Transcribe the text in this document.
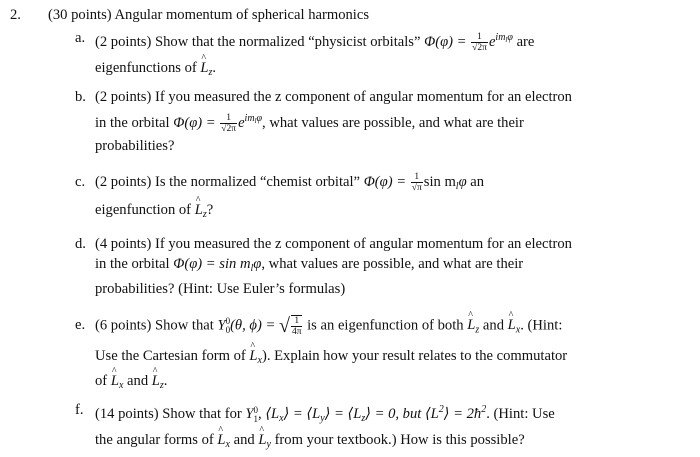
2. (30 points) Angular momentum of spherical harmonics
a. (2 points) Show that the normalized “physicist orbitals” $\Phi(\varphi) = \frac{1}{√2\pi} e^{im_l\varphi}$ are
eigenfunctions of L $\^{}_z$.
b. (2 points) If you measured the z component of angular momentum for an electron
in the orbital $\Phi(\varphi) = \frac{1}{√2\pi} e^{im_l\varphi}$, what values are possible, and what are their
probabilities?
c. (2 points) Is the normalized “chemist orbital” $\Phi(\varphi) = \frac{1}{√\pi}$ $\sin m_l\varphi$ an
eigenfunction of L $\^{}_z$?
d. (4 points) If you measured the z component of angular momentum for an electron
in the orbital $\Phi(\varphi) = \sin m_l\varphi$, what values are possible, and what are their
probabilities? (Hint: Use Euler’s formulas)
e. (6 points) Show that Y 0
0 (θ, ϕ) = √ $\frac{1}{4\pi}$ is an eigenfunction of both L $\^{}_z$ and L $\^{}_x$. (Hint:
Use the Cartesian form of L $\^{}_x$). Explain how your result relates to the commutator
of L $\^{}_x$ and L $\^{}_z$.
f. (14 points) Show that for Y 0
1 , $⟨L_x⟩$ = $⟨L_y⟩$ = $⟨L_z⟩ = 0$, but $⟨L^2⟩$ = $2ħ^2$. (Hint: Use
the angular forms of L $\^{}_x$ and L $\^{}_y$ from your textbook.) How is this possible?
